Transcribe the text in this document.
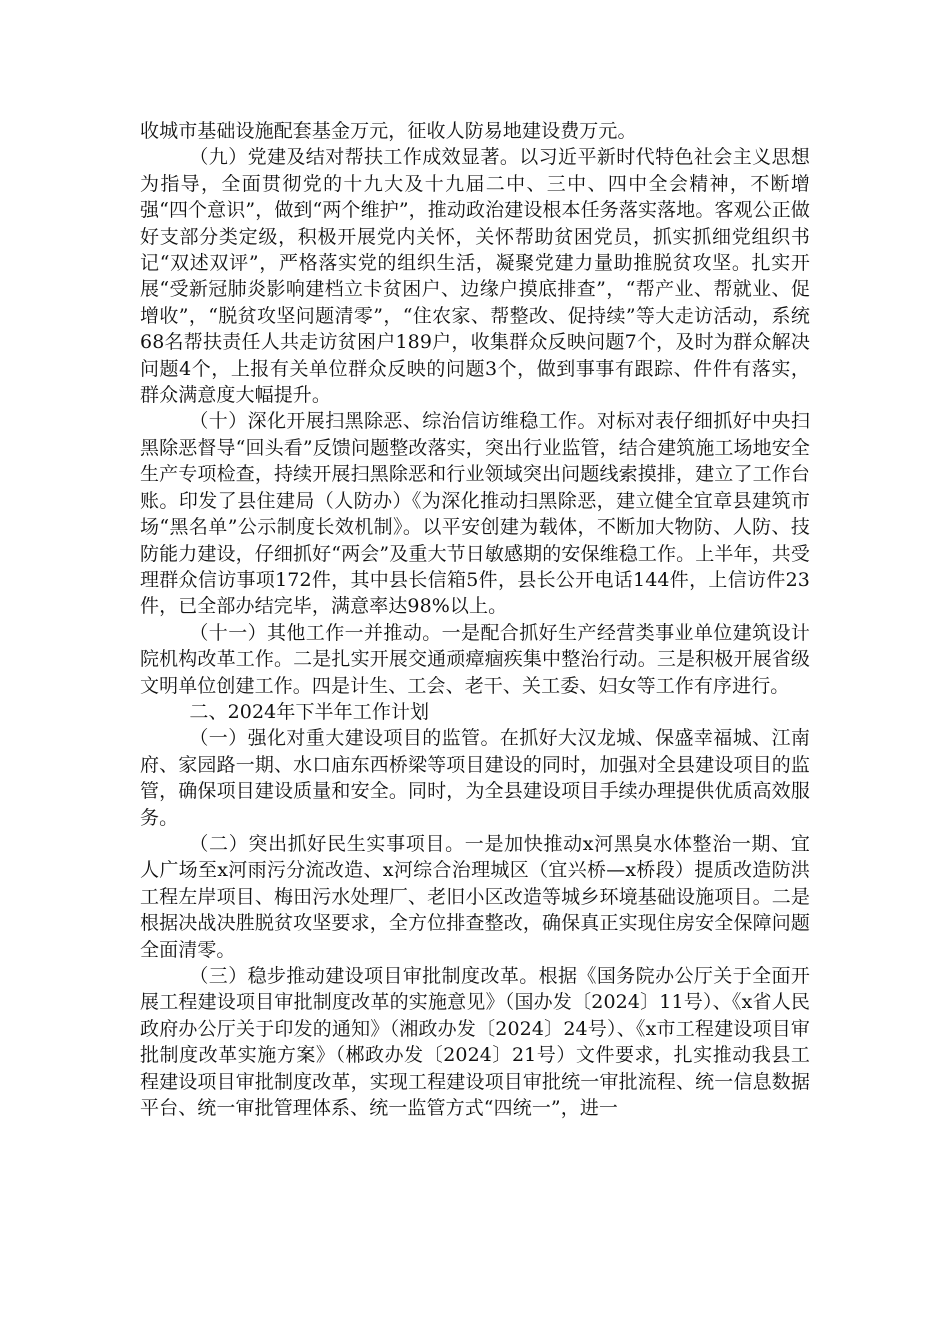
收城市基础设施配套基金万元，征收人防易地建设费万元。

（九）党建及结对帮扶工作成效显著。以习近平新时代特色社会主义思想为指导，全面贯彻党的十九大及十九届二中、三中、四中全会精神，不断增强“四个意识”，做到“两个维护”，推动政治建设根本任务落实落地。客观公正做好支部分类定级，积极开展党内关怀，关怀帮助贫困党员，抓实抓细党组织书记“双述双评”，严格落实党的组织生活，凝聚党建力量助推脱贫攻坚。扎实开展“受新冠肺炎影响建档立卡贫困户、边缘户摸底排查”，“帮产业、帮就业、促增收”，“脱贫攻坚问题清零”，“住农家、帮整改、促持续”等大走访活动，系统68名帮扶责任人共走访贫困户189户，收集群众反映问题7个，及时为群众解决问题4个，上报有关单位群众反映的问题3个，做到事事有跟踪、件件有落实，群众满意度大幅提升。

（十）深化开展扫黑除恶、综治信访维稳工作。对标对表仔细抓好中央扫黑除恶督导“回头看”反馈问题整改落实，突出行业监管，结合建筑施工场地安全生产专项检查，持续开展扫黑除恶和行业领域突出问题线索摸排，建立了工作台账。印发了县住建局（人防办）《为深化推动扫黑除恶，建立健全宜章县建筑市场“黑名单”公示制度长效机制》。以平安创建为载体，不断加大物防、人防、技防能力建设，仔细抓好“两会”及重大节日敏感期的安保维稳工作。上半年，共受理群众信访事项172件，其中县长信箱5件，县长公开电话144件，上信访件23件，已全部办结完毕，满意率达98%以上。

（十一）其他工作一并推动。一是配合抓好生产经营类事业单位建筑设计院机构改革工作。二是扎实开展交通顽瘴痼疾集中整治行动。三是积极开展省级文明单位创建工作。四是计生、工会、老干、关工委、妇女等工作有序进行。

二、2024年下半年工作计划

（一）强化对重大建设项目的监管。在抓好大汉龙城、保盛幸福城、江南府、家园路一期、水口庙东西桥梁等项目建设的同时，加强对全县建设项目的监管，确保项目建设质量和安全。同时，为全县建设项目手续办理提供优质高效服务。

（二）突出抓好民生实事项目。一是加快推动x河黑臭水体整治一期、宜人广场至x河雨污分流改造、x河综合治理城区（宜兴桥—x桥段）提质改造防洪工程左岸项目、梅田污水处理厂、老旧小区改造等城乡环境基础设施项目。二是根据决战决胜脱贫攻坚要求，全方位排查整改，确保真正实现住房安全保障问题全面清零。

（三）稳步推动建设项目审批制度改革。根据《国务院办公厅关于全面开展工程建设项目审批制度改革的实施意见》（国办发〔2024〕11号）、《x省人民政府办公厅关于印发的通知》（湘政办发〔2024〕24号）、《x市工程建设项目审批制度改革实施方案》（郴政办发〔2024〕21号）文件要求，扎实推动我县工程建设项目审批制度改革，实现工程建设项目审批统一审批流程、统一信息数据平台、统一审批管理体系、统一监管方式“四统一”，进一
